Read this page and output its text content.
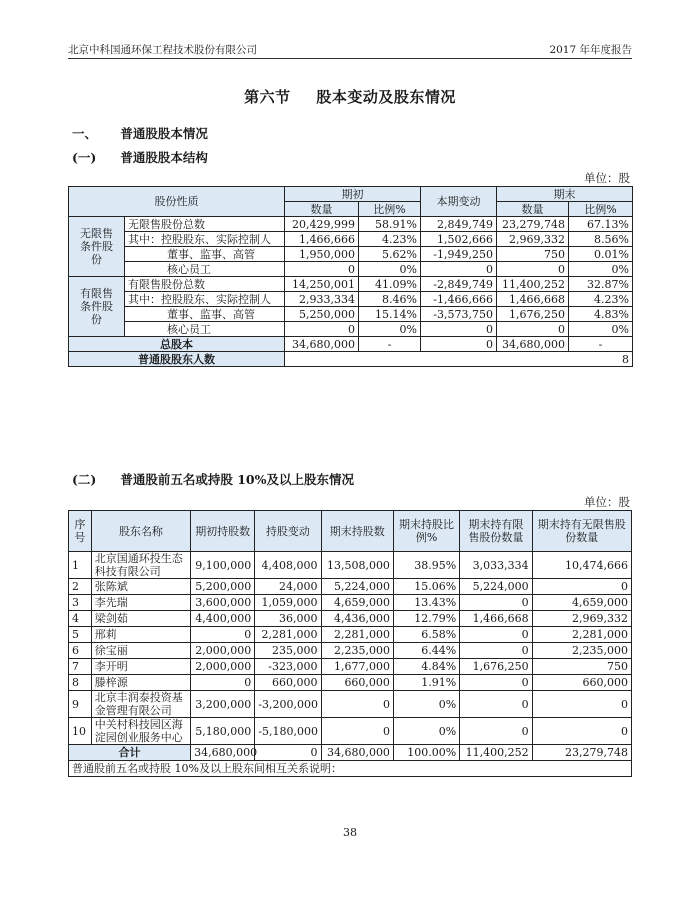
北京中科国通环保工程技术股份有限公司	2017 年年度报告
第六节 股本变动及股东情况
一、 普通股股本情况
(一) 普通股股本结构
单位：股
股份性质		期初		本期变动	期末	
		数量	比例%		数量	比例%
无限售条件股份	无限售股份总数	20,429,999	58.91%	2,849,749	23,279,748	67.13%
	其中：控股股东、实际控制人	1,466,666	4.23%	1,502,666	2,969,332	8.56%
	董事、监事、高管	1,950,000	5.62%	-1,949,250	750	0.01%
	核心员工	0	0%	0	0	0%
有限售条件股份	有限售股份总数	14,250,001	41.09%	-2,849,749	11,400,252	32.87%
	其中：控股股东、实际控制人	2,933,334	8.46%	-1,466,666	1,466,668	4.23%
	董事、监事、高管	5,250,000	15.14%	-3,573,750	1,676,250	4.83%
	核心员工	0	0%	0	0	0%
总股本		34,680,000	-	0	34,680,000	-
普通股股东人数		8				
(二) 普通股前五名或持股 10%及以上股东情况
单位：股
序号	股东名称	期初持股数	持股变动	期末持股数	期末持股比例%	期末持有限售股份数量	期末持有无限售股份数量
1	北京国通环投生态科技有限公司	9,100,000	4,408,000	13,508,000	38.95%	3,033,334	10,474,666
2	张陈斌	5,200,000	24,000	5,224,000	15.06%	5,224,000	0
3	李先瑞	3,600,000	1,059,000	4,659,000	13.43%	0	4,659,000
4	梁剑茹	4,400,000	36,000	4,436,000	12.79%	1,466,668	2,969,332
5	邢莉	0	2,281,000	2,281,000	6.58%	0	2,281,000
6	徐宝丽	2,000,000	235,000	2,235,000	6.44%	0	2,235,000
7	李开明	2,000,000	-323,000	1,677,000	4.84%	1,676,250	750
8	滕梓源	0	660,000	660,000	1.91%	0	660,000
9	北京丰润泰投资基金管理有限公司	3,200,000	-3,200,000	0	0%	0	0
10	中关村科技园区海淀园创业服务中心	5,180,000	-5,180,000	0	0%	0	0
合计		34,680,000	0	34,680,000	100.00%	11,400,252	23,279,748
普通股前五名或持股 10%及以上股东间相互关系说明：							
38
